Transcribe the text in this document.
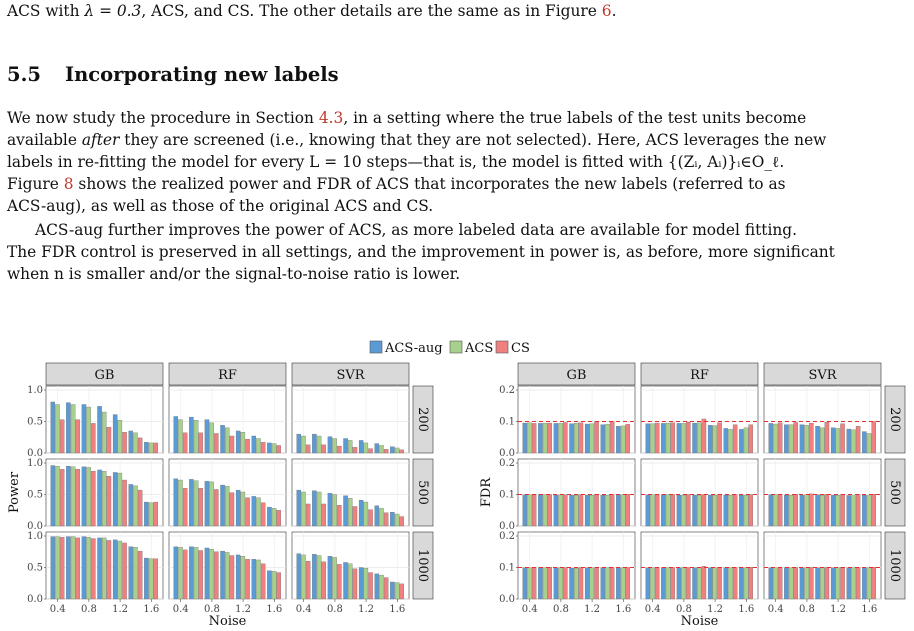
ACS with λ = 0.3, ACS, and CS. The other details are the same as in Figure 6.
5.5 Incorporating new labels
We now study the procedure in Section 4.3, in a setting where the true labels of the test units become
available after they are screened (i.e., knowing that they are not selected). Here, ACS leverages the new
labels in re-fitting the model for every L = 10 steps—that is, the model is fitted with {(Zᵢ, Aᵢ)}ᵢ∈O_ℓ.
Figure 8 shows the realized power and FDR of ACS that incorporates the new labels (referred to as
ACS-aug), as well as those of the original ACS and CS.
ACS-aug further improves the power of ACS, as more labeled data are available for model fitting.
The FDR control is preserved in all settings, and the improvement in power is, as before, more significant
when n is smaller and/or the signal-to-noise ratio is lower.
ACS-aug ACS CS
GB	RF	SVR
200
0.0
0.5
1.0
500
0.0
0.5
1.0
1000
0.0
0.5
1.0
0.4 0.8 1.2 1.6 0.4 0.8 1.2 1.6 0.4 0.8 1.2 1.6
Power
Noise
GB	RF	SVR
200
0.0
0.1
0.2
500
0.0
0.1
0.2
1000
0.0
0.1
0.2
0.4 0.8 1.2 1.6 0.4 0.8 1.2 1.6 0.4 0.8 1.2 1.6
FDR
Noise
